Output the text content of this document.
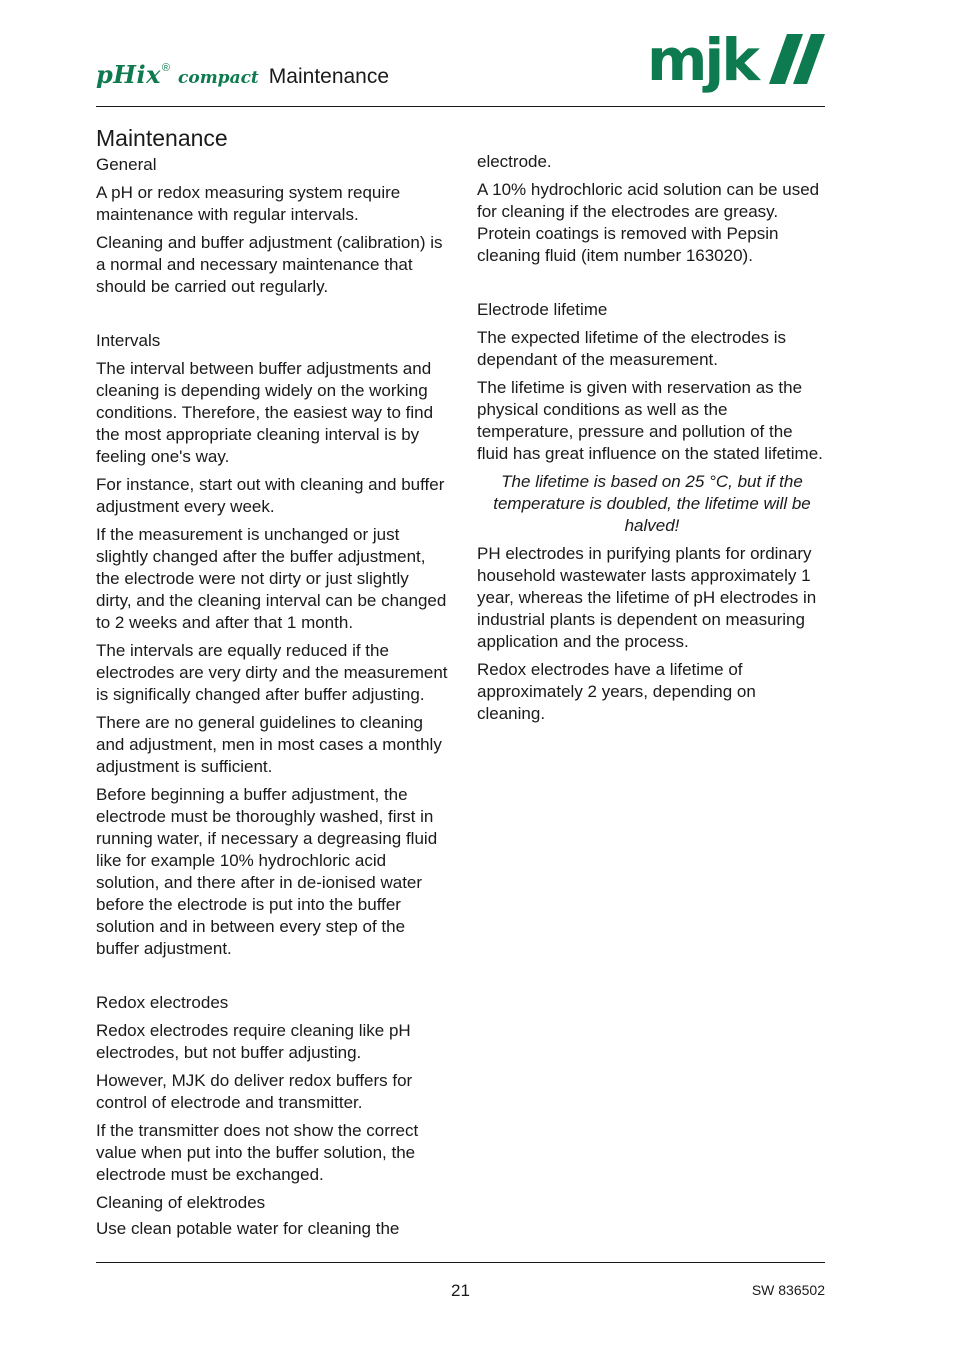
pHix ® compact Maintenance	mjk
Maintenance
General

A pH or redox measuring system require maintenance with regular intervals.

Cleaning and buffer adjustment (calibration) is a normal and necessary maintenance that should be carried out regularly.

Intervals

The interval between buffer adjustments and cleaning is depending widely on the working conditions. Therefore, the easiest way to find the most appropriate cleaning interval is by feeling one's way.

For instance, start out with cleaning and buffer adjustment every week.

If the measurement is unchanged or just slightly changed after the buffer adjustment, the electrode were not dirty or just slightly dirty, and the cleaning interval can be changed to 2 weeks and after that 1 month.

The intervals are equally reduced if the electrodes are very dirty and the measurement is significally changed after buffer adjusting.

There are no general guidelines to cleaning and adjustment, men in most cases a monthly adjustment is sufficient.

Before beginning a buffer adjustment, the electrode must be thoroughly washed, first in running water, if necessary a degreasing fluid like for example 10% hydrochloric acid solution, and there after in de-ionised water before the electrode is put into the buffer solution and in between every step of the buffer adjustment.

Redox electrodes

Redox electrodes require cleaning like pH electrodes, but not buffer adjusting.

However, MJK do deliver redox buffers for control of electrode and transmitter.

If the transmitter does not show the correct value when put into the buffer solution, the electrode must be exchanged.

Cleaning of elektrodes

Use clean potable water for cleaning the

electrode.

A 10% hydrochloric acid solution can be used for cleaning if the electrodes are greasy. Protein coatings is removed with Pepsin cleaning fluid (item number 163020).

Electrode lifetime

The expected lifetime of the electrodes is dependant of the measurement.

The lifetime is given with reservation as the physical conditions as well as the temperature, pressure and pollution of the fluid has great influence on the stated lifetime.

The lifetime is based on 25 °C, but if the temperature is doubled, the lifetime will be halved!

PH electrodes in purifying plants for ordinary household wastewater lasts approximately 1 year, whereas the lifetime of pH electrodes in industrial plants is dependent on measuring application and the process.

Redox electrodes have a lifetime of approximately 2 years, depending on cleaning.

21	SW 836502
